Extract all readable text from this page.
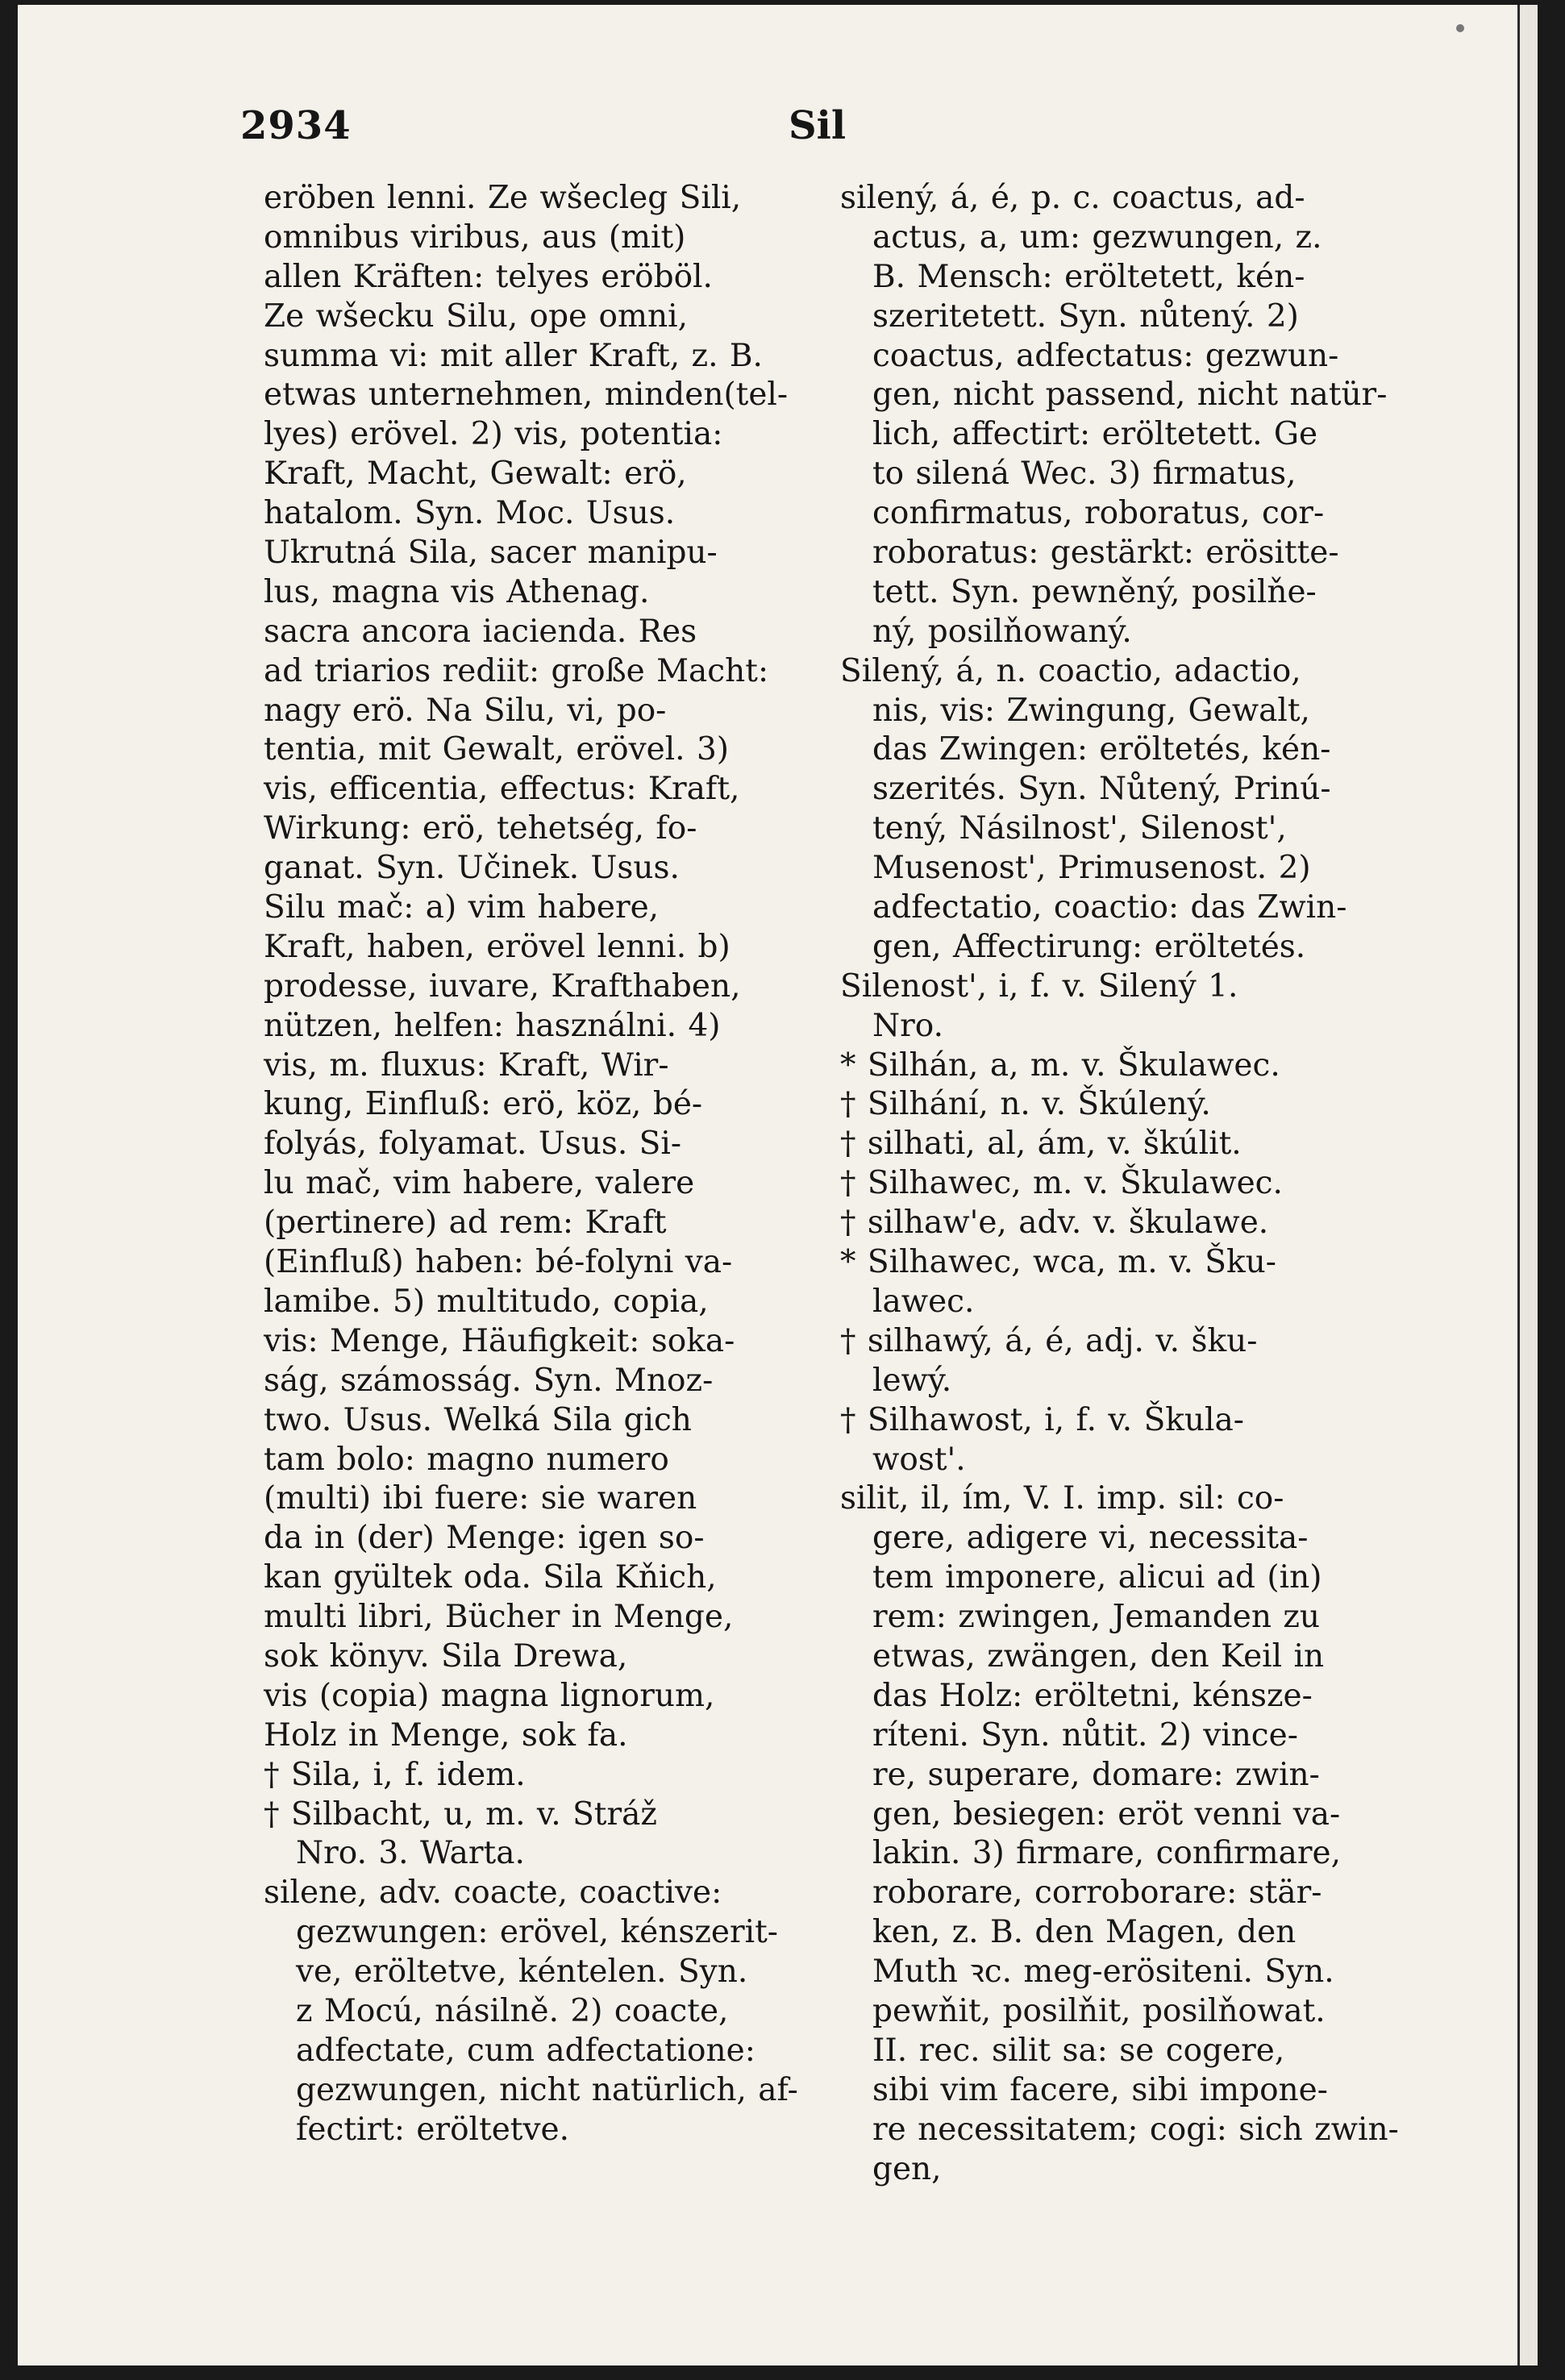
2934	Sil
eröben lenni. Ze wšecleg Sili,
omnibus viribus, aus (mit)
allen Kräften: telyes eröböl.
Ze wšecku Silu, ope omni,
summa vi: mit aller Kraft, z. B.
etwas unternehmen, minden(tel-
lyes) erövel. 2) vis, potentia:
Kraft, Macht, Gewalt: erö,
hatalom. Syn. Moc. Usus.
Ukrutná Sila, sacer manipu-
lus, magna vis Athenag.
sacra ancora iacienda. Res
ad triarios rediit: große Macht:
nagy erö. Na Silu, vi, po-
tentia, mit Gewalt, erövel. 3)
vis, efficentia, effectus: Kraft,
Wirkung: erö, tehetség, fo-
ganat. Syn. Učinek. Usus.
Silu mač: a) vim habere,
Kraft, haben, erövel lenni. b)
prodesse, iuvare, Krafthaben,
nützen, helfen: használni. 4)
vis, m. fluxus: Kraft, Wir-
kung, Einfluß: erö, köz, bé-
folyás, folyamat. Usus. Si-
lu mač, vim habere, valere
(pertinere) ad rem: Kraft
(Einfluß) haben: bé-folyni va-
lamibe. 5) multitudo, copia,
vis: Menge, Häufigkeit: soka-
ság, számosság. Syn. Mnoz-
two. Usus. Welká Sila gich
tam bolo: magno numero
(multi) ibi fuere: sie waren
da in (der) Menge: igen so-
kan gyültek oda. Sila Kňich,
multi libri, Bücher in Menge,
sok könyv. Sila Drewa,
vis (copia) magna lignorum,
Holz in Menge, sok fa.
† Sila, i, f. idem.
† Silbacht, u, m. v. Stráž
Nro. 3. Warta.
silene, adv. coacte, coactive:
gezwungen: erövel, kénszerit-
ve, eröltetve, kéntelen. Syn.
z Mocú, násilně. 2) coacte,
adfectate, cum adfectatione:
gezwungen, nicht natürlich, af-
fectirt: eröltetve.
silený, á, é, p. c. coactus, ad-
actus, a, um: gezwungen, z.
B. Mensch: eröltetett, kén-
szeritetett. Syn. nůtený. 2)
coactus, adfectatus: gezwun-
gen, nicht passend, nicht natür-
lich, affectirt: eröltetett. Ge
to silená Wec. 3) firmatus,
confirmatus, roboratus, cor-
roboratus: gestärkt: erösitte-
tett. Syn. pewněný, posilňe-
ný, posilňowaný.
Silený, á, n. coactio, adactio,
nis, vis: Zwingung, Gewalt,
das Zwingen: eröltetés, kén-
szerités. Syn. Nůtený, Prinú-
tený, Násilnost', Silenost',
Musenost', Primusenost. 2)
adfectatio, coactio: das Zwin-
gen, Affectirung: eröltetés.
Silenost', i, f. v. Silený 1.
Nro.
* Silhán, a, m. v. Škulawec.
† Silhání, n. v. Škúlený.
† silhati, al, ám, v. škúlit.
† Silhawec, m. v. Škulawec.
† silhaw'e, adv. v. škulawe.
* Silhawec, wca, m. v. Šku-
lawec.
† silhawý, á, é, adj. v. šku-
lewý.
† Silhawost, i, f. v. Škula-
wost'.
silit, il, ím, V. I. imp. sil: co-
gere, adigere vi, necessita-
tem imponere, alicui ad (in)
rem: zwingen, Jemanden zu
etwas, zwängen, den Keil in
das Holz: eröltetni, kénsze-
ríteni. Syn. nůtit. 2) vince-
re, superare, domare: zwin-
gen, besiegen: eröt venni va-
lakin. 3) firmare, confirmare,
roborare, corroborare: stär-
ken, z. B. den Magen, den
Muth ꝛc. meg-erösiteni. Syn.
pewňit, posilňit, posilňowat.
II. rec. silit sa: se cogere,
sibi vim facere, sibi impone-
re necessitatem; cogi: sich zwin-
gen,
